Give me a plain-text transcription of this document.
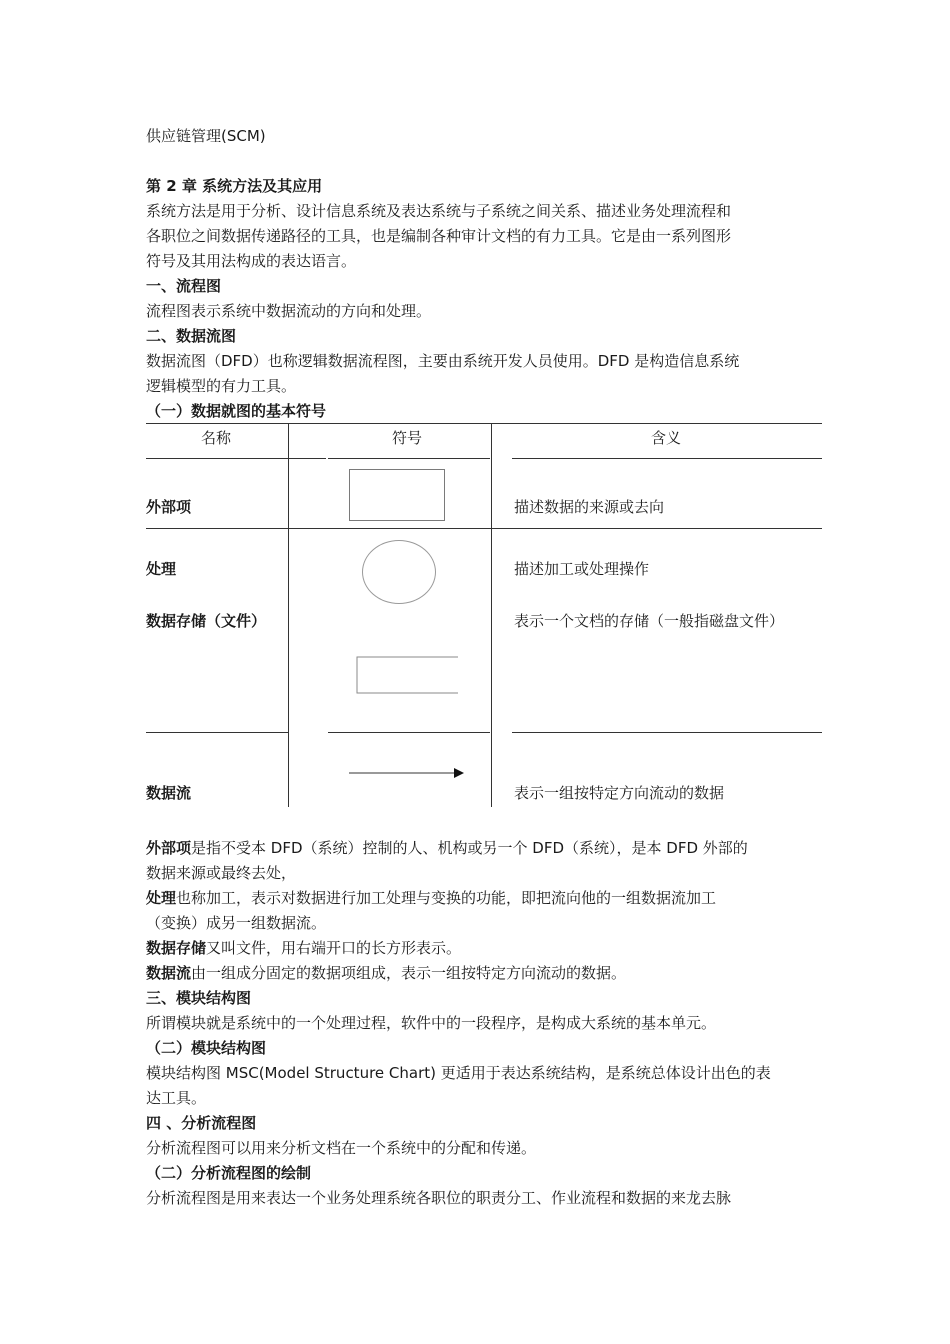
供应链管理(SCM)
第 2 章 系统方法及其应用
系统方法是用于分析、设计信息系统及表达系统与子系统之间关系、描述业务处理流程和
各职位之间数据传递路径的工具，也是编制各种审计文档的有力工具。它是由一系列图形
符号及其用法构成的表达语言。
一、流程图
流程图表示系统中数据流动的方向和处理。
二、数据流图
数据流图（DFD）也称逻辑数据流程图，主要由系统开发人员使用。DFD 是构造信息系统
逻辑模型的有力工具。
（一）数据就图的基本符号
名称	符号	含义
外部项	描述数据的来源或去向
处理	描述加工或处理操作
数据存储（文件）	表示一个文档的存储（一般指磁盘文件）
数据流	表示一组按特定方向流动的数据
外部项是指不受本 DFD（系统）控制的人、机构或另一个 DFD（系统），是本 DFD 外部的
数据来源或最终去处，
处理也称加工，表示对数据进行加工处理与变换的功能，即把流向他的一组数据流加工
（变换）成另一组数据流。
数据存储又叫文件，用右端开口的长方形表示。
数据流由一组成分固定的数据项组成，表示一组按特定方向流动的数据。
三、模块结构图
所谓模块就是系统中的一个处理过程，软件中的一段程序，是构成大系统的基本单元。
（二）模块结构图
模块结构图 MSC(Model Structure Chart) 更适用于表达系统结构，是系统总体设计出色的表
达工具。
四 、分析流程图
分析流程图可以用来分析文档在一个系统中的分配和传递。
（二）分析流程图的绘制
分析流程图是用来表达一个业务处理系统各职位的职责分工、作业流程和数据的来龙去脉
